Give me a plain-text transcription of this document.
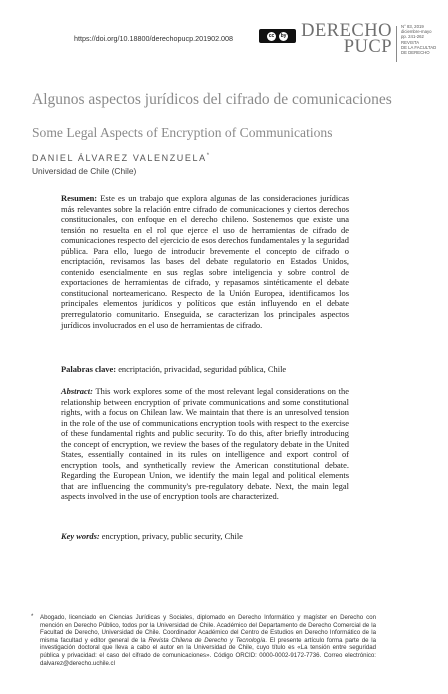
https://doi.org/10.18800/derechopucp.201902.008	cc	by DERECHO
PUCP
N° 83, 2019
diciembre-mayo
pp. 241-262
REVISTA
DE LA FACULTAD
DE DERECHO
Algunos aspectos jurídicos del cifrado de comunicaciones
Some Legal Aspects of Encryption of Communications
DANIEL ÁLVAREZ VALENZUELA*
Universidad de Chile (Chile)
Resumen: Este es un trabajo que explora algunas de las consideraciones jurídicas más relevantes sobre la relación entre cifrado de comunicaciones y ciertos derechos constitucionales, con enfoque en el derecho chileno. Sostenemos que existe una tensión no resuelta en el rol que ejerce el uso de herramientas de cifrado de comunicaciones respecto del ejercicio de esos derechos fundamentales y la seguridad pública. Para ello, luego de introducir brevemente el concepto de cifrado o encriptación, revisamos las bases del debate regulatorio en Estados Unidos, contenido esencialmente en sus reglas sobre inteligencia y sobre control de exportaciones de herramientas de cifrado, y repasamos sintéticamente el debate constitucional norteamericano. Respecto de la Unión Europea, identificamos los principales elementos jurídicos y políticos que están influyendo en el debate prerregulatorio comunitario. Enseguida, se caracterizan los principales aspectos jurídicos involucrados en el uso de herramientas de cifrado.
Palabras clave: encriptación, privacidad, seguridad pública, Chile
Abstract: This work explores some of the most relevant legal considerations on the relationship between encryption of private communications and some constitutional rights, with a focus on Chilean law. We maintain that there is an unresolved tension in the role of the use of communications encryption tools with respect to the exercise of these fundamental rights and public security. To do this, after briefly introducing the concept of encryption, we review the bases of the regulatory debate in the United States, essentially contained in its rules on intelligence and export control of encryption tools, and synthetically review the American constitutional debate. Regarding the European Union, we identify the main legal and political elements that are influencing the community's pre-regulatory debate. Next, the main legal aspects involved in the use of encryption tools are characterized.
Key words: encryption, privacy, public security, Chile
* Abogado, licenciado en Ciencias Jurídicas y Sociales, diplomado en Derecho Informático y magíster en Derecho con mención en Derecho Público, todos por la Universidad de Chile. Académico del Departamento de Derecho Comercial de la Facultad de Derecho, Universidad de Chile. Coordinador Académico del Centro de Estudios en Derecho Informático de la misma facultad y editor general de la Revista Chilena de Derecho y Tecnología. El presente artículo forma parte de la investigación doctoral que lleva a cabo el autor en la Universidad de Chile, cuyo título es «La tensión entre seguridad pública y privacidad: el caso del cifrado de comunicaciones». Código ORCID: 0000-0002-9172-7736. Correo electrónico: dalvarez@derecho.uchile.cl
